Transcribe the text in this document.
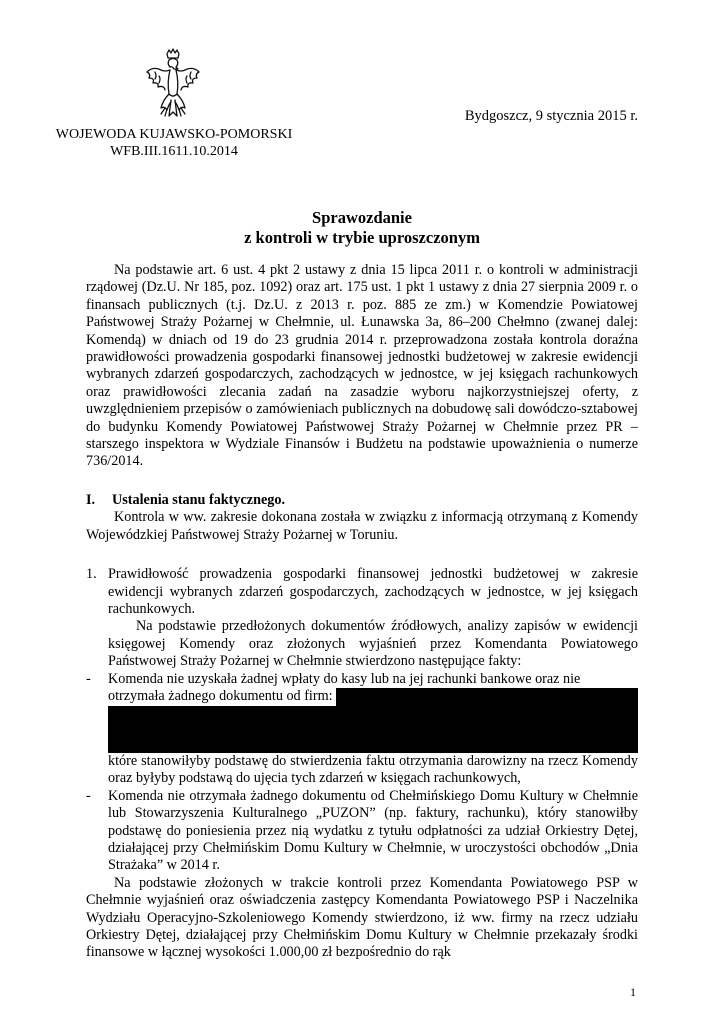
Bydgoszcz, 9 stycznia 2015 r.
WOJEWODA KUJAWSKO-POMORSKI
WFB.III.1611.10.2014
Sprawozdanie
z kontroli w trybie uproszczonym

Na podstawie art. 6 ust. 4 pkt 2 ustawy z dnia 15 lipca 2011 r. o kontroli w administracji rządowej (Dz.U. Nr 185, poz. 1092) oraz art. 175 ust. 1 pkt 1 ustawy z dnia 27 sierpnia 2009 r. o finansach publicznych (t.j. Dz.U. z 2013 r. poz. 885 ze zm.) w Komendzie Powiatowej Państwowej Straży Pożarnej w Chełmnie, ul. Łunawska 3a, 86–200 Chełmno (zwanej dalej: Komendą) w dniach od 19 do 23 grudnia 2014 r. przeprowadzona została kontrola doraźna prawidłowości prowadzenia gospodarki finansowej jednostki budżetowej w zakresie ewidencji wybranych zdarzeń gospodarczych, zachodzących w jednostce, w jej księgach rachunkowych oraz prawidłowości zlecania zadań na zasadzie wyboru najkorzystniejszej oferty, z uwzględnieniem przepisów o zamówieniach publicznych na dobudowę sali dowódczo-sztabowej do budynku Komendy Powiatowej Państwowej Straży Pożarnej w Chełmnie przez PR – starszego inspektora w Wydziale Finansów i Budżetu na podstawie upoważnienia o numerze 736/2014.

I.	Ustalenia stanu faktycznego.

Kontrola w ww. zakresie dokonana została w związku z informacją otrzymaną z Komendy Wojewódzkiej Państwowej Straży Pożarnej w Toruniu.

1. Prawidłowość prowadzenia gospodarki finansowej jednostki budżetowej w zakresie ewidencji wybranych zdarzeń gospodarczych, zachodzących w jednostce, w jej księgach rachunkowych.

Na podstawie przedłożonych dokumentów źródłowych, analizy zapisów w ewidencji księgowej Komendy oraz złożonych wyjaśnień przez Komendanta Powiatowego Państwowej Straży Pożarnej w Chełmnie stwierdzono następujące fakty:

-	Komenda nie uzyskała żadnej wpłaty do kasy lub na jej rachunki bankowe oraz nie

otrzymała żadnego dokumentu od firm:

które stanowiłyby podstawę do stwierdzenia faktu otrzymania darowizny na rzecz Komendy oraz byłyby podstawą do ujęcia tych zdarzeń w księgach rachunkowych,

-	Komenda nie otrzymała żadnego dokumentu od Chełmińskiego Domu Kultury w Chełmnie lub Stowarzyszenia Kulturalnego „PUZON” (np. faktury, rachunku), który stanowiłby podstawę do poniesienia przez nią wydatku z tytułu odpłatności za udział Orkiestry Dętej, działającej przy Chełmińskim Domu Kultury w Chełmnie, w uroczystości obchodów „Dnia Strażaka” w 2014 r.

Na podstawie złożonych w trakcie kontroli przez Komendanta Powiatowego PSP w Chełmnie wyjaśnień oraz oświadczenia zastępcy Komendanta Powiatowego PSP i Naczelnika Wydziału Operacyjno-Szkoleniowego Komendy stwierdzono, iż ww. firmy na rzecz udziału Orkiestry Dętej, działającej przy Chełmińskim Domu Kultury w Chełmnie przekazały środki finansowe w łącznej wysokości 1.000,00 zł bezpośrednio do rąk

1
